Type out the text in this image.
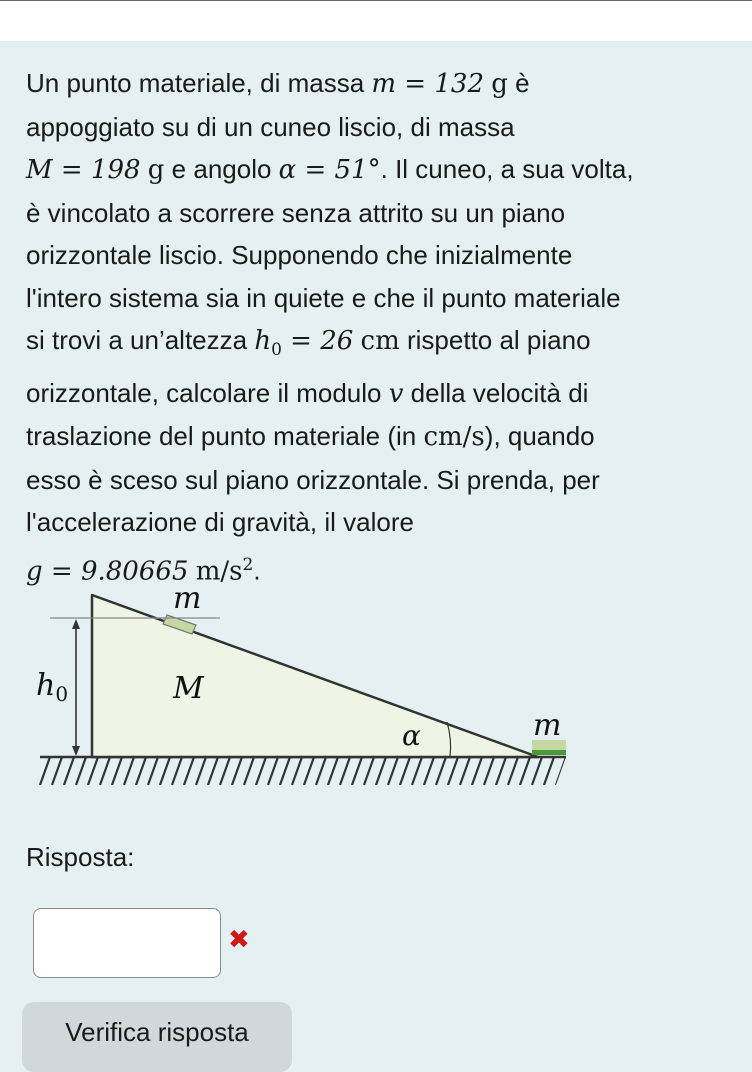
Un punto materiale, di massa m = 132 g è
appoggiato su di un cuneo liscio, di massa
M = 198 g e angolo α = 51°. Il cuneo, a sua volta,
è vincolato a scorrere senza attrito su un piano
orizzontale liscio. Supponendo che inizialmente
l'intero sistema sia in quiete e che il punto materiale
si trovi a un’altezza $h_0 = 26$ cm rispetto al piano
orizzontale, calcolare il modulo v della velocità di
traslazione del punto materiale (in cm/s), quando
esso è sceso sul piano orizzontale. Si prenda, per
l'accelerazione di gravità, il valore
g = 9.80665 $m/s^2$.

m
$h_0$	M
α	m

Risposta:

✖
Verifica risposta
